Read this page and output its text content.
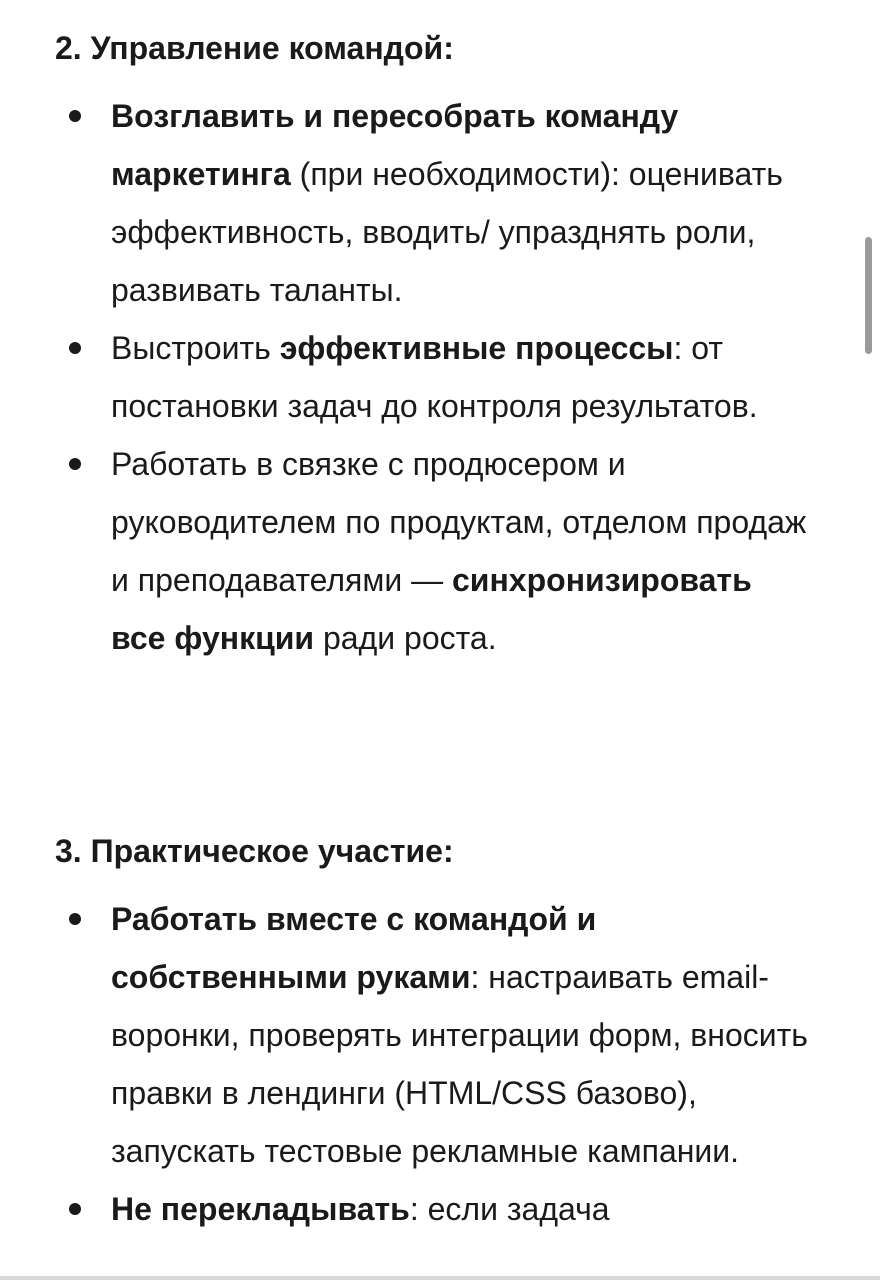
2. Управление командой:
Возглавить и пересобрать команду маркетинга (при необходимости): оценивать эффективность, вводить/ упразднять роли, развивать таланты.
Выстроить эффективные процессы: от постановки задач до контроля результатов.
Работать в связке с продюсером и руководителем по продуктам, отделом продаж и преподавателями — синхронизировать все функции ради роста.
3. Практическое участие:
Работать вместе с командой и собственными руками: настраивать email-воронки, проверять интеграции форм, вносить правки в лендинги (HTML/CSS базово), запускать тестовые рекламные кампании.
Не перекладывать: если задача
